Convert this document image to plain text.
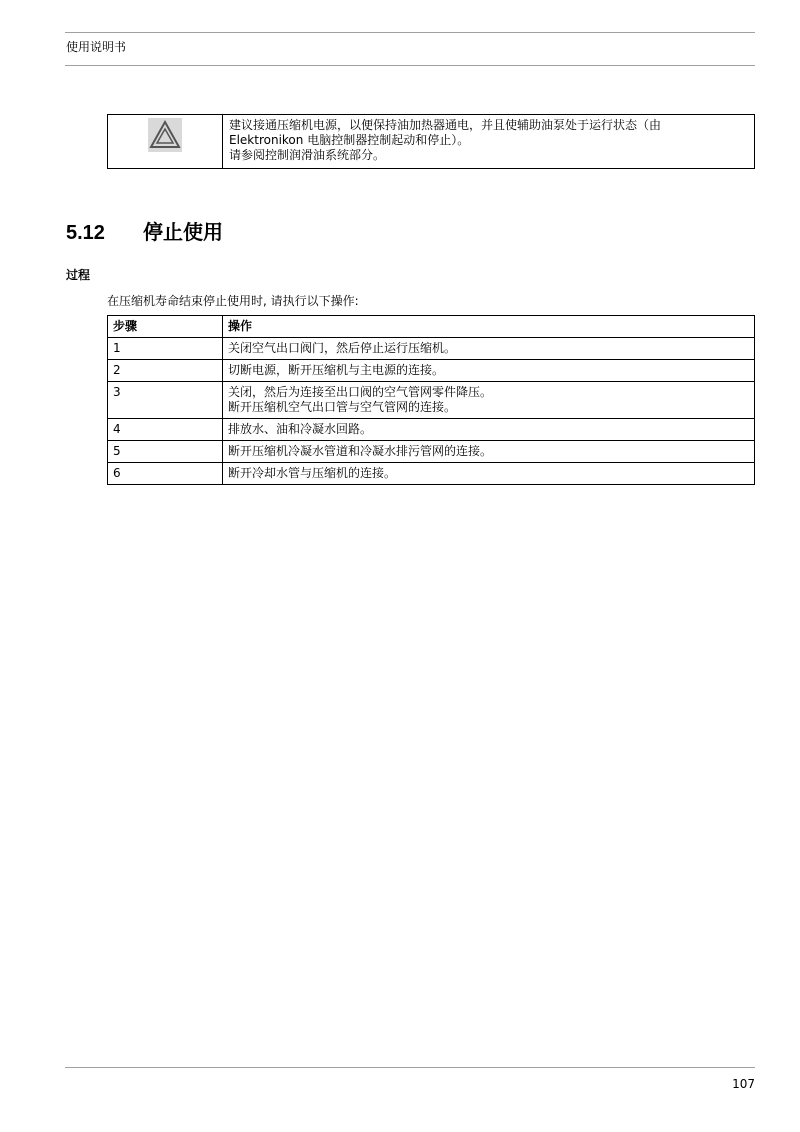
使用说明书

建议接通压缩机电源，以便保持油加热器通电，并且使辅助油泵处于运行状态（由
Elektronikon 电脑控制器控制起动和停止）。
请参阅控制润滑油系统部分。
5.12 停止使用
过程
在压缩机寿命结束停止使用时, 请执行以下操作:
步骤	操作
1	关闭空气出口阀门，然后停止运行压缩机。

2	切断电源，断开压缩机与主电源的连接。

3	关闭，然后为连接至出口阀的空气管网零件降压。
断开压缩机空气出口管与空气管网的连接。

4	排放水、油和冷凝水回路。

5	断开压缩机冷凝水管道和冷凝水排污管网的连接。

6	断开冷却水管与压缩机的连接。
107
